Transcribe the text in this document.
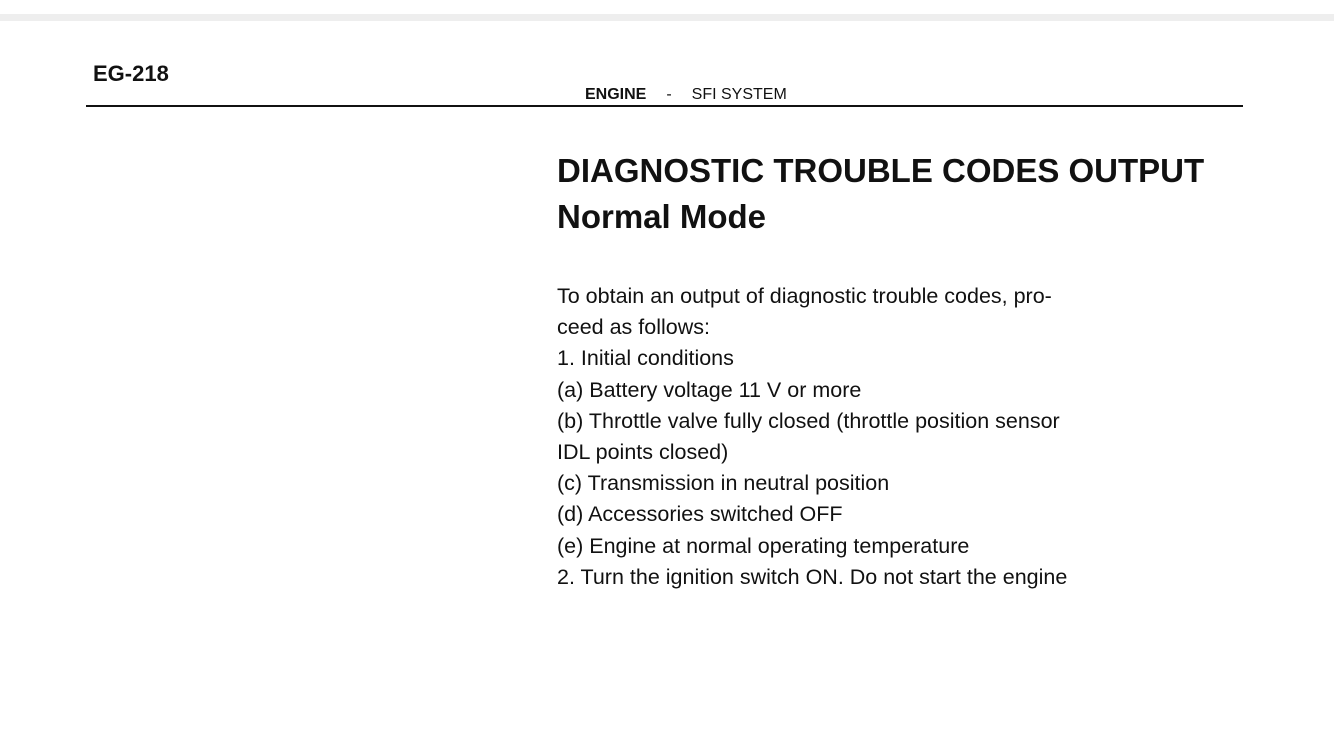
EG-218
ENGINE - SFI SYSTEM
DIAGNOSTIC TROUBLE CODES OUTPUT
Normal Mode
To obtain an output of diagnostic trouble codes, pro-
ceed as follows:
1. Initial conditions
(a) Battery voltage 11 V or more
(b) Throttle valve fully closed (throttle position sensor
IDL points closed)
(c) Transmission in neutral position
(d) Accessories switched OFF
(e) Engine at normal operating temperature
2. Turn the ignition switch ON. Do not start the engine
